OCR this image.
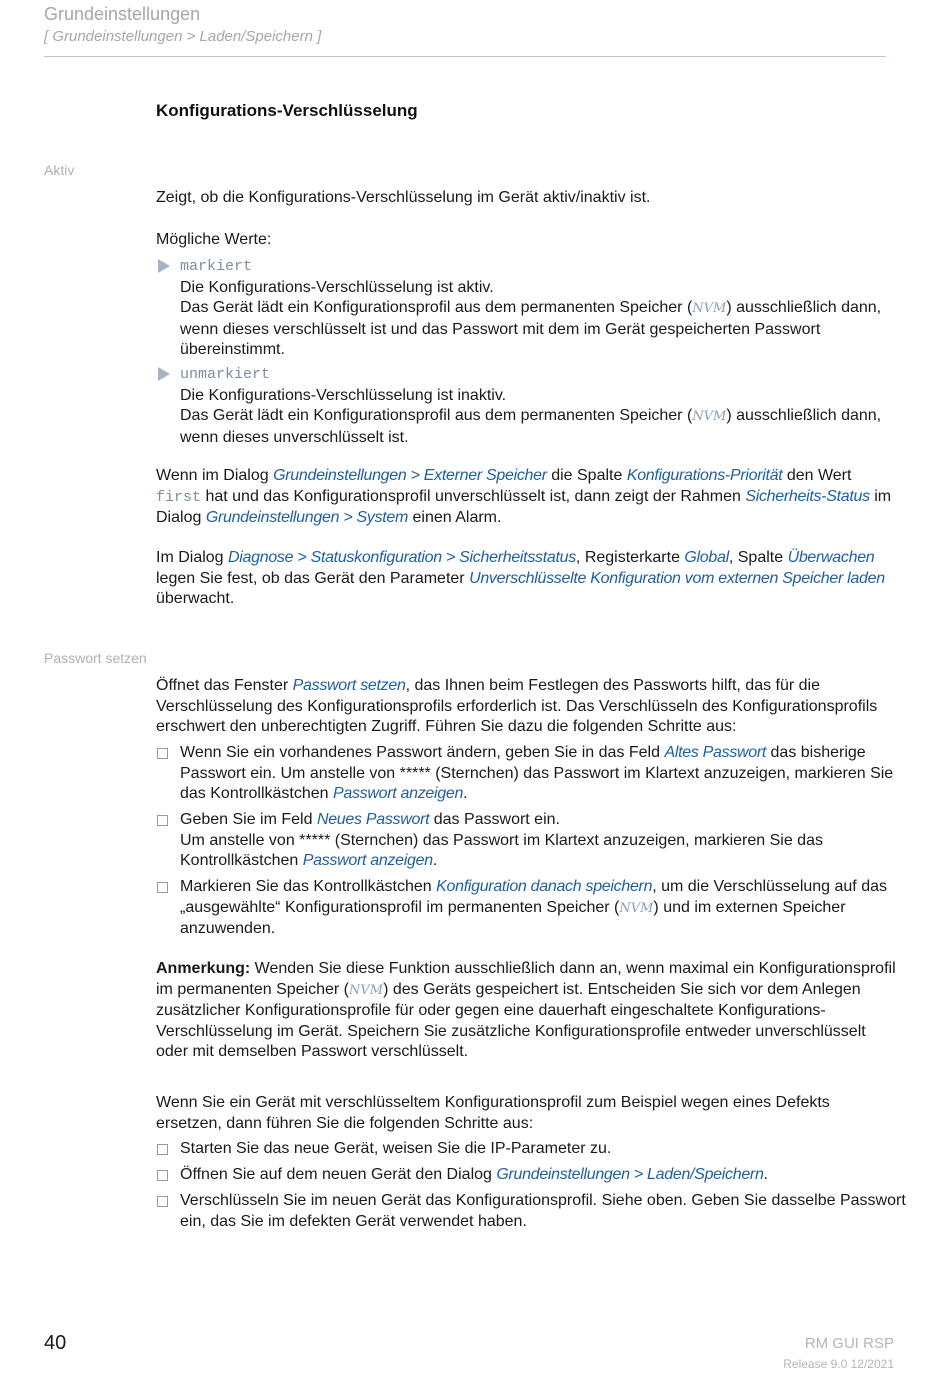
Grundeinstellungen
[ Grundeinstellungen > Laden/Speichern ]
Konfigurations-Verschlüsselung
Aktiv

Zeigt, ob die Konfigurations-Verschlüsselung im Gerät aktiv/inaktiv ist.

Mögliche Werte:

markiert
Die Konfigurations-Verschlüsselung ist aktiv.
Das Gerät lädt ein Konfigurationsprofil aus dem permanenten Speicher (NVM) ausschließlich dann, wenn dieses verschlüsselt ist und das Passwort mit dem im Gerät gespeicherten Passwort übereinstimmt.
unmarkiert
Die Konfigurations-Verschlüsselung ist inaktiv.
Das Gerät lädt ein Konfigurationsprofil aus dem permanenten Speicher (NVM) ausschließlich dann, wenn dieses unverschlüsselt ist.

Wenn im Dialog Grundeinstellungen > Externer Speicher die Spalte Konfigurations-Priorität den Wert first hat und das Konfigurationsprofil unverschlüsselt ist, dann zeigt der Rahmen Sicherheits-Status im Dialog Grundeinstellungen > System einen Alarm.

Im Dialog Diagnose > Statuskonfiguration > Sicherheitsstatus, Registerkarte Global, Spalte Überwachen legen Sie fest, ob das Gerät den Parameter Unverschlüsselte Konfiguration vom externen Speicher laden überwacht.

Passwort setzen

Öffnet das Fenster Passwort setzen, das Ihnen beim Festlegen des Passworts hilft, das für die Verschlüsselung des Konfigurationsprofils erforderlich ist. Das Verschlüsseln des Konfigurationsprofils erschwert den unberechtigten Zugriff. Führen Sie dazu die folgenden Schritte aus:

Wenn Sie ein vorhandenes Passwort ändern, geben Sie in das Feld Altes Passwort das bisherige Passwort ein. Um anstelle von ***** (Sternchen) das Passwort im Klartext anzuzeigen, markieren Sie das Kontrollkästchen Passwort anzeigen.
Geben Sie im Feld Neues Passwort das Passwort ein.
Um anstelle von ***** (Sternchen) das Passwort im Klartext anzuzeigen, markieren Sie das Kontrollkästchen Passwort anzeigen.
Markieren Sie das Kontrollkästchen Konfiguration danach speichern, um die Verschlüsselung auf das „ausgewählte“ Konfigurationsprofil im permanenten Speicher (NVM) und im externen Speicher anzuwenden.

Anmerkung: Wenden Sie diese Funktion ausschließlich dann an, wenn maximal ein Konfigurationsprofil im permanenten Speicher (NVM) des Geräts gespeichert ist. Entscheiden Sie sich vor dem Anlegen zusätzlicher Konfigurationsprofile für oder gegen eine dauerhaft eingeschaltete Konfigurations-Verschlüsselung im Gerät. Speichern Sie zusätzliche Konfigurationsprofile entweder unverschlüsselt oder mit demselben Passwort verschlüsselt.

Wenn Sie ein Gerät mit verschlüsseltem Konfigurationsprofil zum Beispiel wegen eines Defekts ersetzen, dann führen Sie die folgenden Schritte aus:

Starten Sie das neue Gerät, weisen Sie die IP-Parameter zu.
Öffnen Sie auf dem neuen Gerät den Dialog Grundeinstellungen > Laden/Speichern.
Verschlüsseln Sie im neuen Gerät das Konfigurationsprofil. Siehe oben. Geben Sie dasselbe Passwort ein, das Sie im defekten Gerät verwendet haben.
40	RM GUI RSP
Release 9.0 12/2021
